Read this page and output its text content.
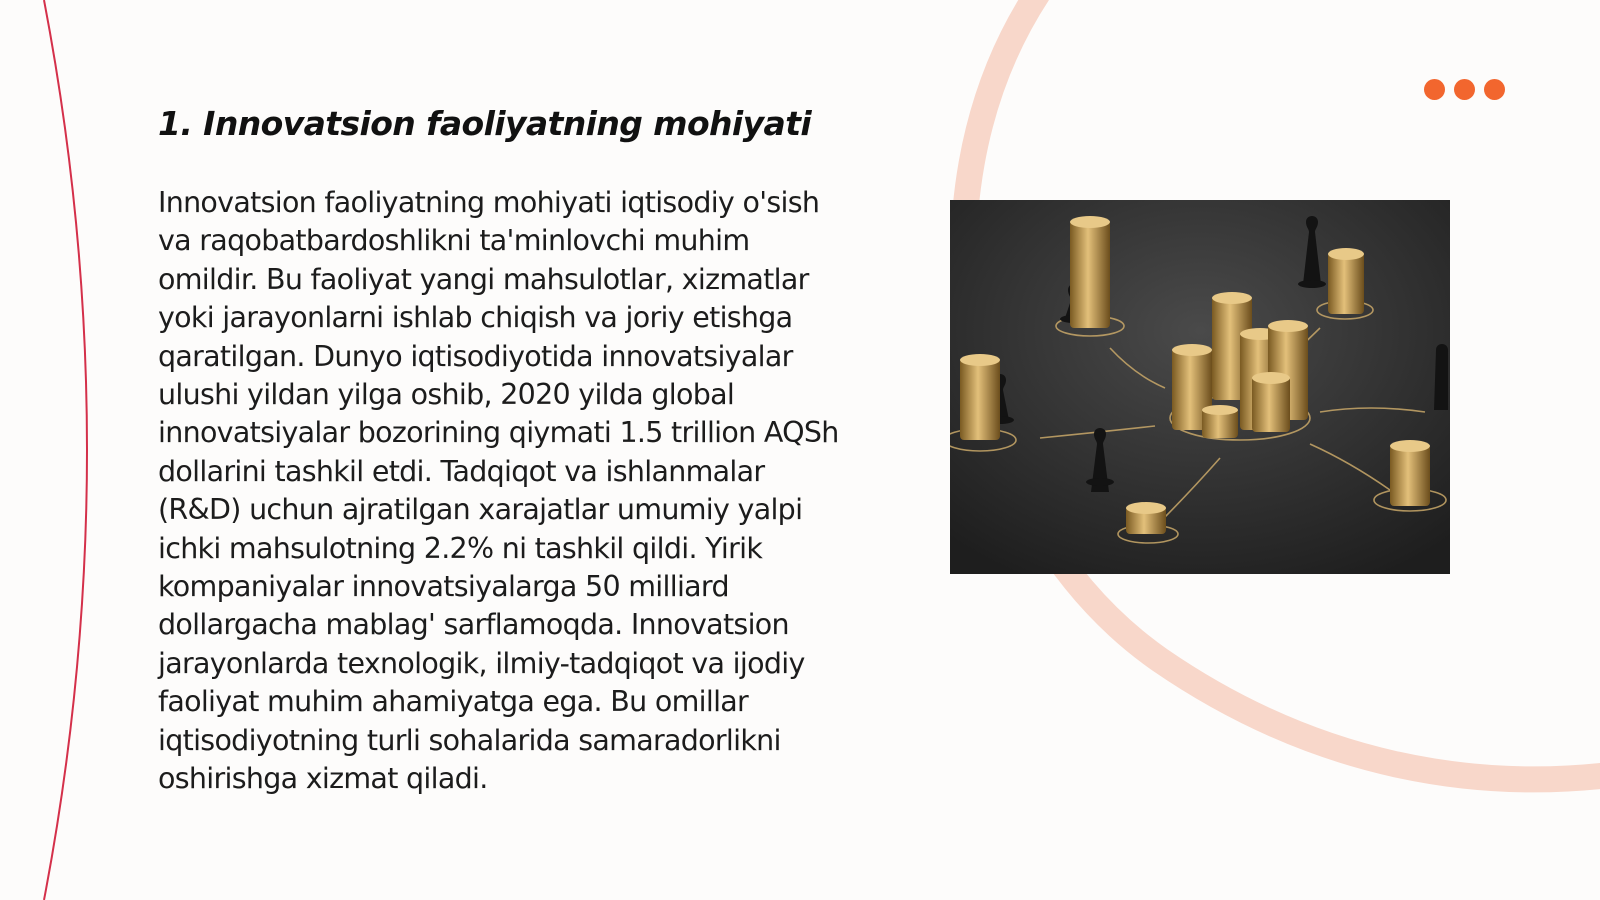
1. Innovatsion faoliyatning mohiyati

Innovatsion faoliyatning mohiyati iqtisodiy o'sish va raqobatbardoshlikni ta'minlovchi muhim omildir. Bu faoliyat yangi mahsulotlar, xizmatlar yoki jarayonlarni ishlab chiqish va joriy etishga qaratilgan. Dunyo iqtisodiyotida innovatsiyalar ulushi yildan yilga oshib, 2020 yilda global innovatsiyalar bozorining qiymati 1.5 trillion AQSh dollarini tashkil etdi. Tadqiqot va ishlanmalar (R&D) uchun ajratilgan xarajatlar umumiy yalpi ichki mahsulotning 2.2% ni tashkil qildi. Yirik kompaniyalar innovatsiyalarga 50 milliard dollargacha mablag' sarflamoqda. Innovatsion jarayonlarda texnologik, ilmiy-tadqiqot va ijodiy faoliyat muhim ahamiyatga ega. Bu omillar iqtisodiyotning turli sohalarida samaradorlikni oshirishga xizmat qiladi.
